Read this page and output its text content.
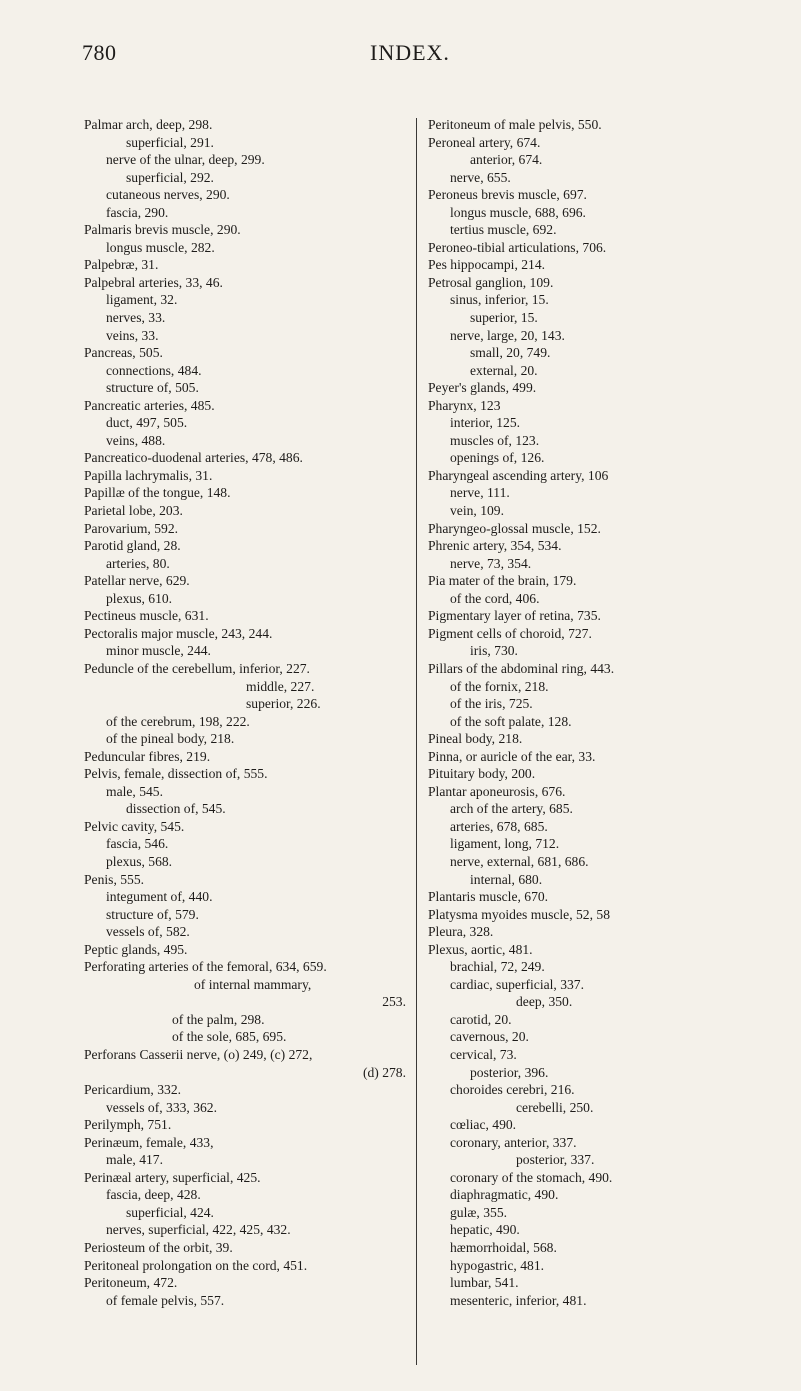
780	INDEX.
Palmar arch, deep, 298.
superficial, 291.
nerve of the ulnar, deep, 299.
superficial, 292.
cutaneous nerves, 290.
fascia, 290.
Palmaris brevis muscle, 290.
longus muscle, 282.
Palpebræ, 31.
Palpebral arteries, 33, 46.
ligament, 32.
nerves, 33.
veins, 33.
Pancreas, 505.
connections, 484.
structure of, 505.
Pancreatic arteries, 485.
duct, 497, 505.
veins, 488.
Pancreatico-duodenal arteries, 478, 486.
Papilla lachrymalis, 31.
Papillæ of the tongue, 148.
Parietal lobe, 203.
Parovarium, 592.
Parotid gland, 28.
arteries, 80.
Patellar nerve, 629.
plexus, 610.
Pectineus muscle, 631.
Pectoralis major muscle, 243, 244.
minor muscle, 244.
Peduncle of the cerebellum, inferior, 227.
middle, 227.
superior, 226.
of the cerebrum, 198, 222.
of the pineal body, 218.
Peduncular fibres, 219.
Pelvis, female, dissection of, 555.
male, 545.
dissection of, 545.
Pelvic cavity, 545.
fascia, 546.
plexus, 568.
Penis, 555.
integument of, 440.
structure of, 579.
vessels of, 582.
Peptic glands, 495.
Perforating arteries of the femoral, 634, 659.
of internal mammary,
253.
of the palm, 298.
of the sole, 685, 695.
Perforans Casserii nerve, (o) 249, (c) 272,
(d) 278.
Pericardium, 332.
vessels of, 333, 362.
Perilymph, 751.
Perinæum, female, 433,
male, 417.
Perinæal artery, superficial, 425.
fascia, deep, 428.
superficial, 424.
nerves, superficial, 422, 425, 432.
Periosteum of the orbit, 39.
Peritoneal prolongation on the cord, 451.
Peritoneum, 472.
of female pelvis, 557.
Peritoneum of male pelvis, 550.
Peroneal artery, 674.
anterior, 674.
nerve, 655.
Peroneus brevis muscle, 697.
longus muscle, 688, 696.
tertius muscle, 692.
Peroneo-tibial articulations, 706.
Pes hippocampi, 214.
Petrosal ganglion, 109.
sinus, inferior, 15.
superior, 15.
nerve, large, 20, 143.
small, 20, 749.
external, 20.
Peyer's glands, 499.
Pharynx, 123
interior, 125.
muscles of, 123.
openings of, 126.
Pharyngeal ascending artery, 106
nerve, 111.
vein, 109.
Pharyngeo-glossal muscle, 152.
Phrenic artery, 354, 534.
nerve, 73, 354.
Pia mater of the brain, 179.
of the cord, 406.
Pigmentary layer of retina, 735.
Pigment cells of choroid, 727.
iris, 730.
Pillars of the abdominal ring, 443.
of the fornix, 218.
of the iris, 725.
of the soft palate, 128.
Pineal body, 218.
Pinna, or auricle of the ear, 33.
Pituitary body, 200.
Plantar aponeurosis, 676.
arch of the artery, 685.
arteries, 678, 685.
ligament, long, 712.
nerve, external, 681, 686.
internal, 680.
Plantaris muscle, 670.
Platysma myoides muscle, 52, 58
Pleura, 328.
Plexus, aortic, 481.
brachial, 72, 249.
cardiac, superficial, 337.
deep, 350.
carotid, 20.
cavernous, 20.
cervical, 73.
posterior, 396.
choroides cerebri, 216.
cerebelli, 250.
cœliac, 490.
coronary, anterior, 337.
posterior, 337.
coronary of the stomach, 490.
diaphragmatic, 490.
gulæ, 355.
hepatic, 490.
hæmorrhoidal, 568.
hypogastric, 481.
lumbar, 541.
mesenteric, inferior, 481.
